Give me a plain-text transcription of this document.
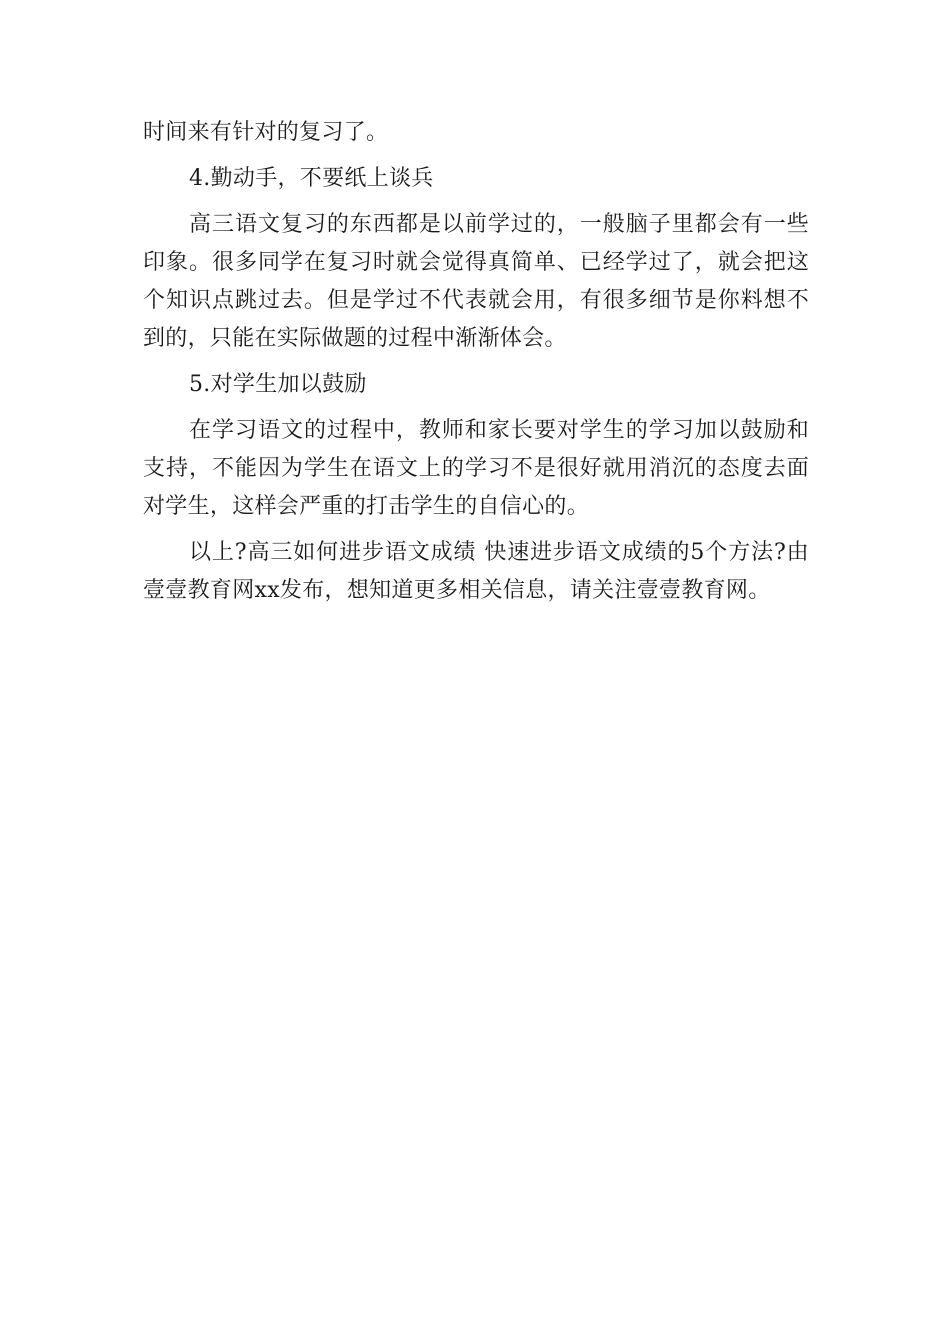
时间来有针对的复习了。

4.勤动手，不要纸上谈兵

高三语文复习的东西都是以前学过的，一般脑子里都会有一些印象。很多同学在复习时就会觉得真简单、已经学过了，就会把这个知识点跳过去。但是学过不代表就会用，有很多细节是你料想不到的，只能在实际做题的过程中渐渐体会。

5.对学生加以鼓励

在学习语文的过程中，教师和家长要对学生的学习加以鼓励和支持，不能因为学生在语文上的学习不是很好就用消沉的态度去面对学生，这样会严重的打击学生的自信心的。

以上?高三如何进步语文成绩 快速进步语文成绩的5个方法?由壹壹教育网xx发布，想知道更多相关信息，请关注壹壹教育网。
